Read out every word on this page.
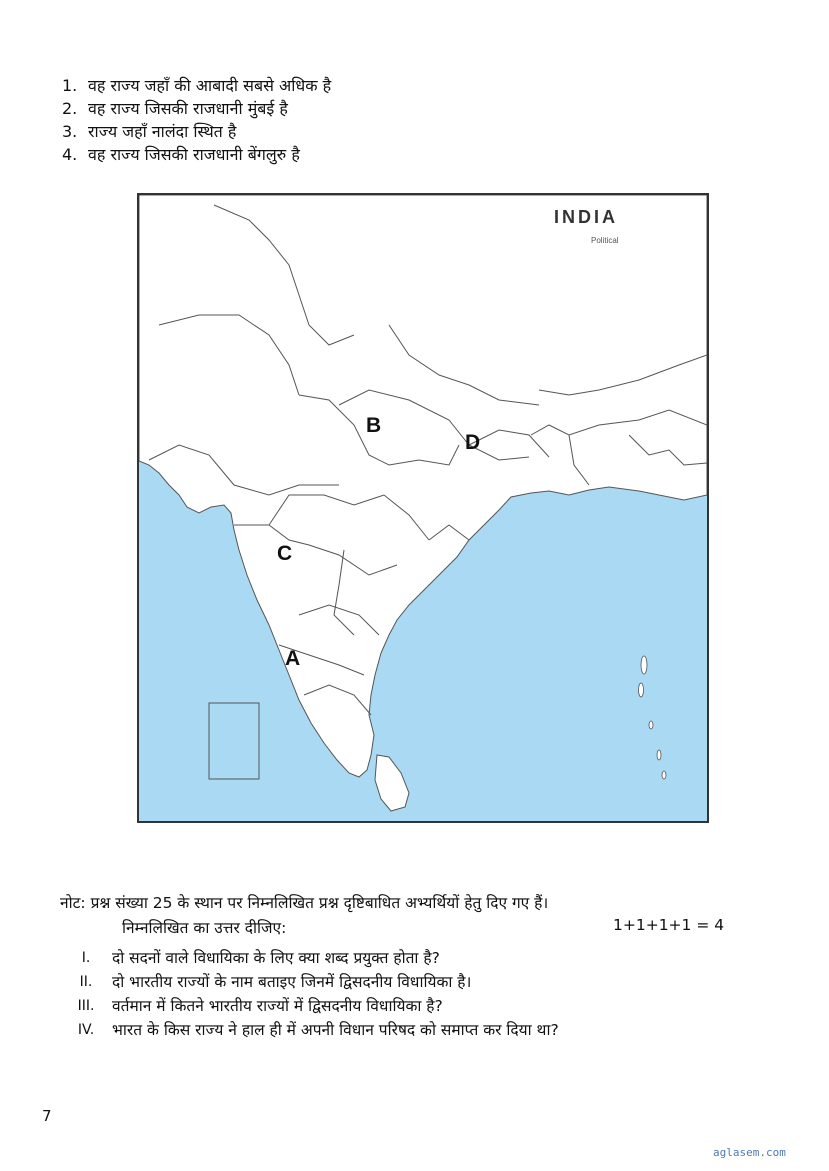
1. वह राज्य जहाँ की आबादी सबसे अधिक है
2. वह राज्य जिसकी राजधानी मुंबई है
3. राज्य जहाँ नालंदा स्थित है
4. वह राज्य जिसकी राजधानी बेंगलुरु है
INDIA
Political
B
D
C
A
नोट: प्रश्न संख्या 25 के स्थान पर निम्नलिखित प्रश्न दृष्टिबाधित अभ्यर्थियों हेतु दिए गए हैं।
निम्नलिखित का उत्तर दीजिए:	1+1+1+1 = 4
I.	दो सदनों वाले विधायिका के लिए क्या शब्द प्रयुक्त होता है?
II.	दो भारतीय राज्यों के नाम बताइए जिनमें द्विसदनीय विधायिका है।
III.	वर्तमान में कितने भारतीय राज्यों में द्विसदनीय विधायिका है?
IV.	भारत के किस राज्य ने हाल ही में अपनी विधान परिषद को समाप्त कर दिया था?
7
aglasem.com
